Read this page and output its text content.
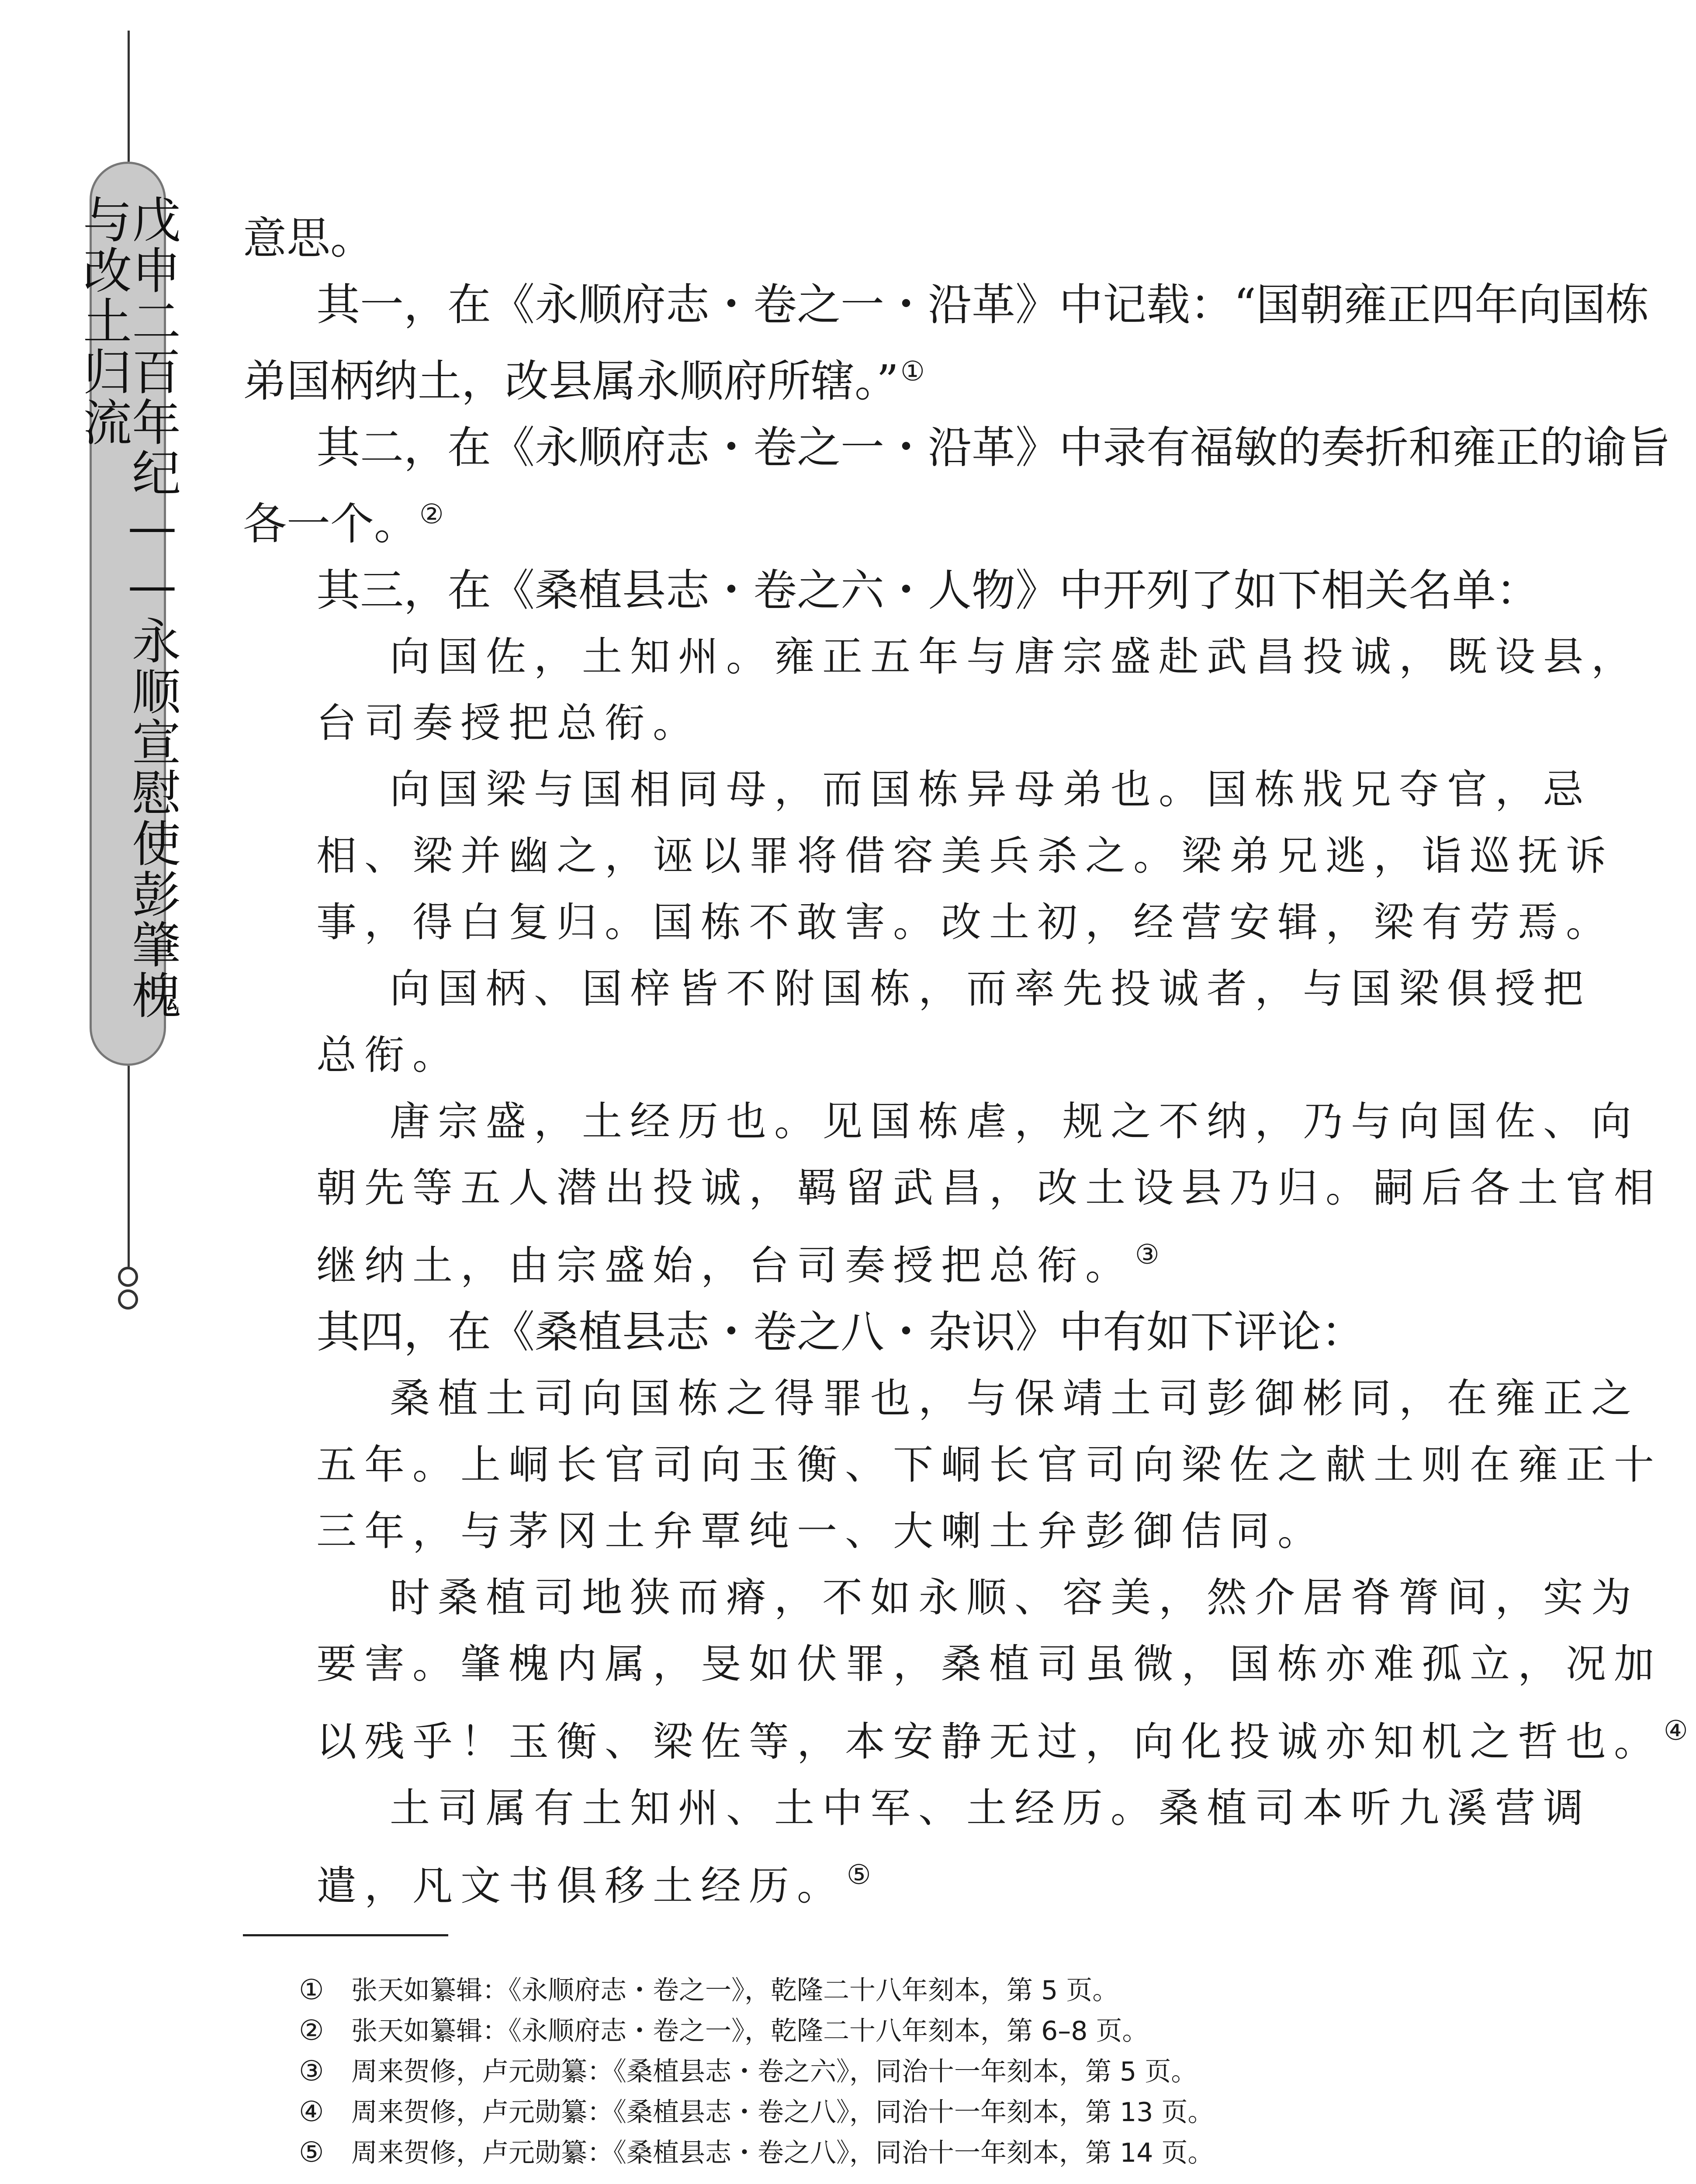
戊申二百年纪——永顺宣慰使彭肇槐与改土归流	意思。

其一，在《永顺府志・卷之一・沿革》中记载：“国朝雍正四年向国栋

弟国柄纳土，改县属永顺府所辖。”①

其二，在《永顺府志・卷之一・沿革》中录有福敏的奏折和雍正的谕旨

各一个。②

其三，在《桑植县志・卷之六・人物》中开列了如下相关名单：

向国佐，土知州。雍正五年与唐宗盛赴武昌投诚，既设县，

台司奏授把总衔。

向国梁与国相同母，而国栋异母弟也。国栋戕兄夺官，忌

相、梁并幽之，诬以罪将借容美兵杀之。梁弟兄逃，诣巡抚诉

事，得白复归。国栋不敢害。改土初，经营安辑，梁有劳焉。

向国柄、国梓皆不附国栋，而率先投诚者，与国梁俱授把

总衔。

唐宗盛，土经历也。见国栋虐，规之不纳，乃与向国佐、向

朝先等五人潜出投诚，羁留武昌，改土设县乃归。嗣后各土官相

继纳土，由宗盛始，台司奏授把总衔。③

其四，在《桑植县志・卷之八・杂识》中有如下评论：

桑植土司向国栋之得罪也，与保靖土司彭御彬同，在雍正之

五年。上峒长官司向玉衡、下峒长官司向梁佐之献土则在雍正十

三年，与茅冈土弁覃纯一、大喇土弁彭御佶同。

时桑植司地狭而瘠，不如永顺、容美，然介居脊膂间，实为

要害。肇槐内属，旻如伏罪，桑植司虽微，国栋亦难孤立，况加

以残乎！玉衡、梁佐等，本安静无过，向化投诚亦知机之哲也。④

土司属有土知州、土中军、土经历。桑植司本听九溪营调

遣，凡文书俱移土经历。⑤

① 张天如纂辑：《永顺府志・卷之一》，乾隆二十八年刻本，第 5 页。
② 张天如纂辑：《永顺府志・卷之一》，乾隆二十八年刻本，第 6–8 页。
③ 周来贺修，卢元勋纂：《桑植县志・卷之六》，同治十一年刻本，第 5 页。
④ 周来贺修，卢元勋纂：《桑植县志・卷之八》，同治十一年刻本，第 13 页。
⑤ 周来贺修，卢元勋纂：《桑植县志・卷之八》，同治十一年刻本，第 14 页。
